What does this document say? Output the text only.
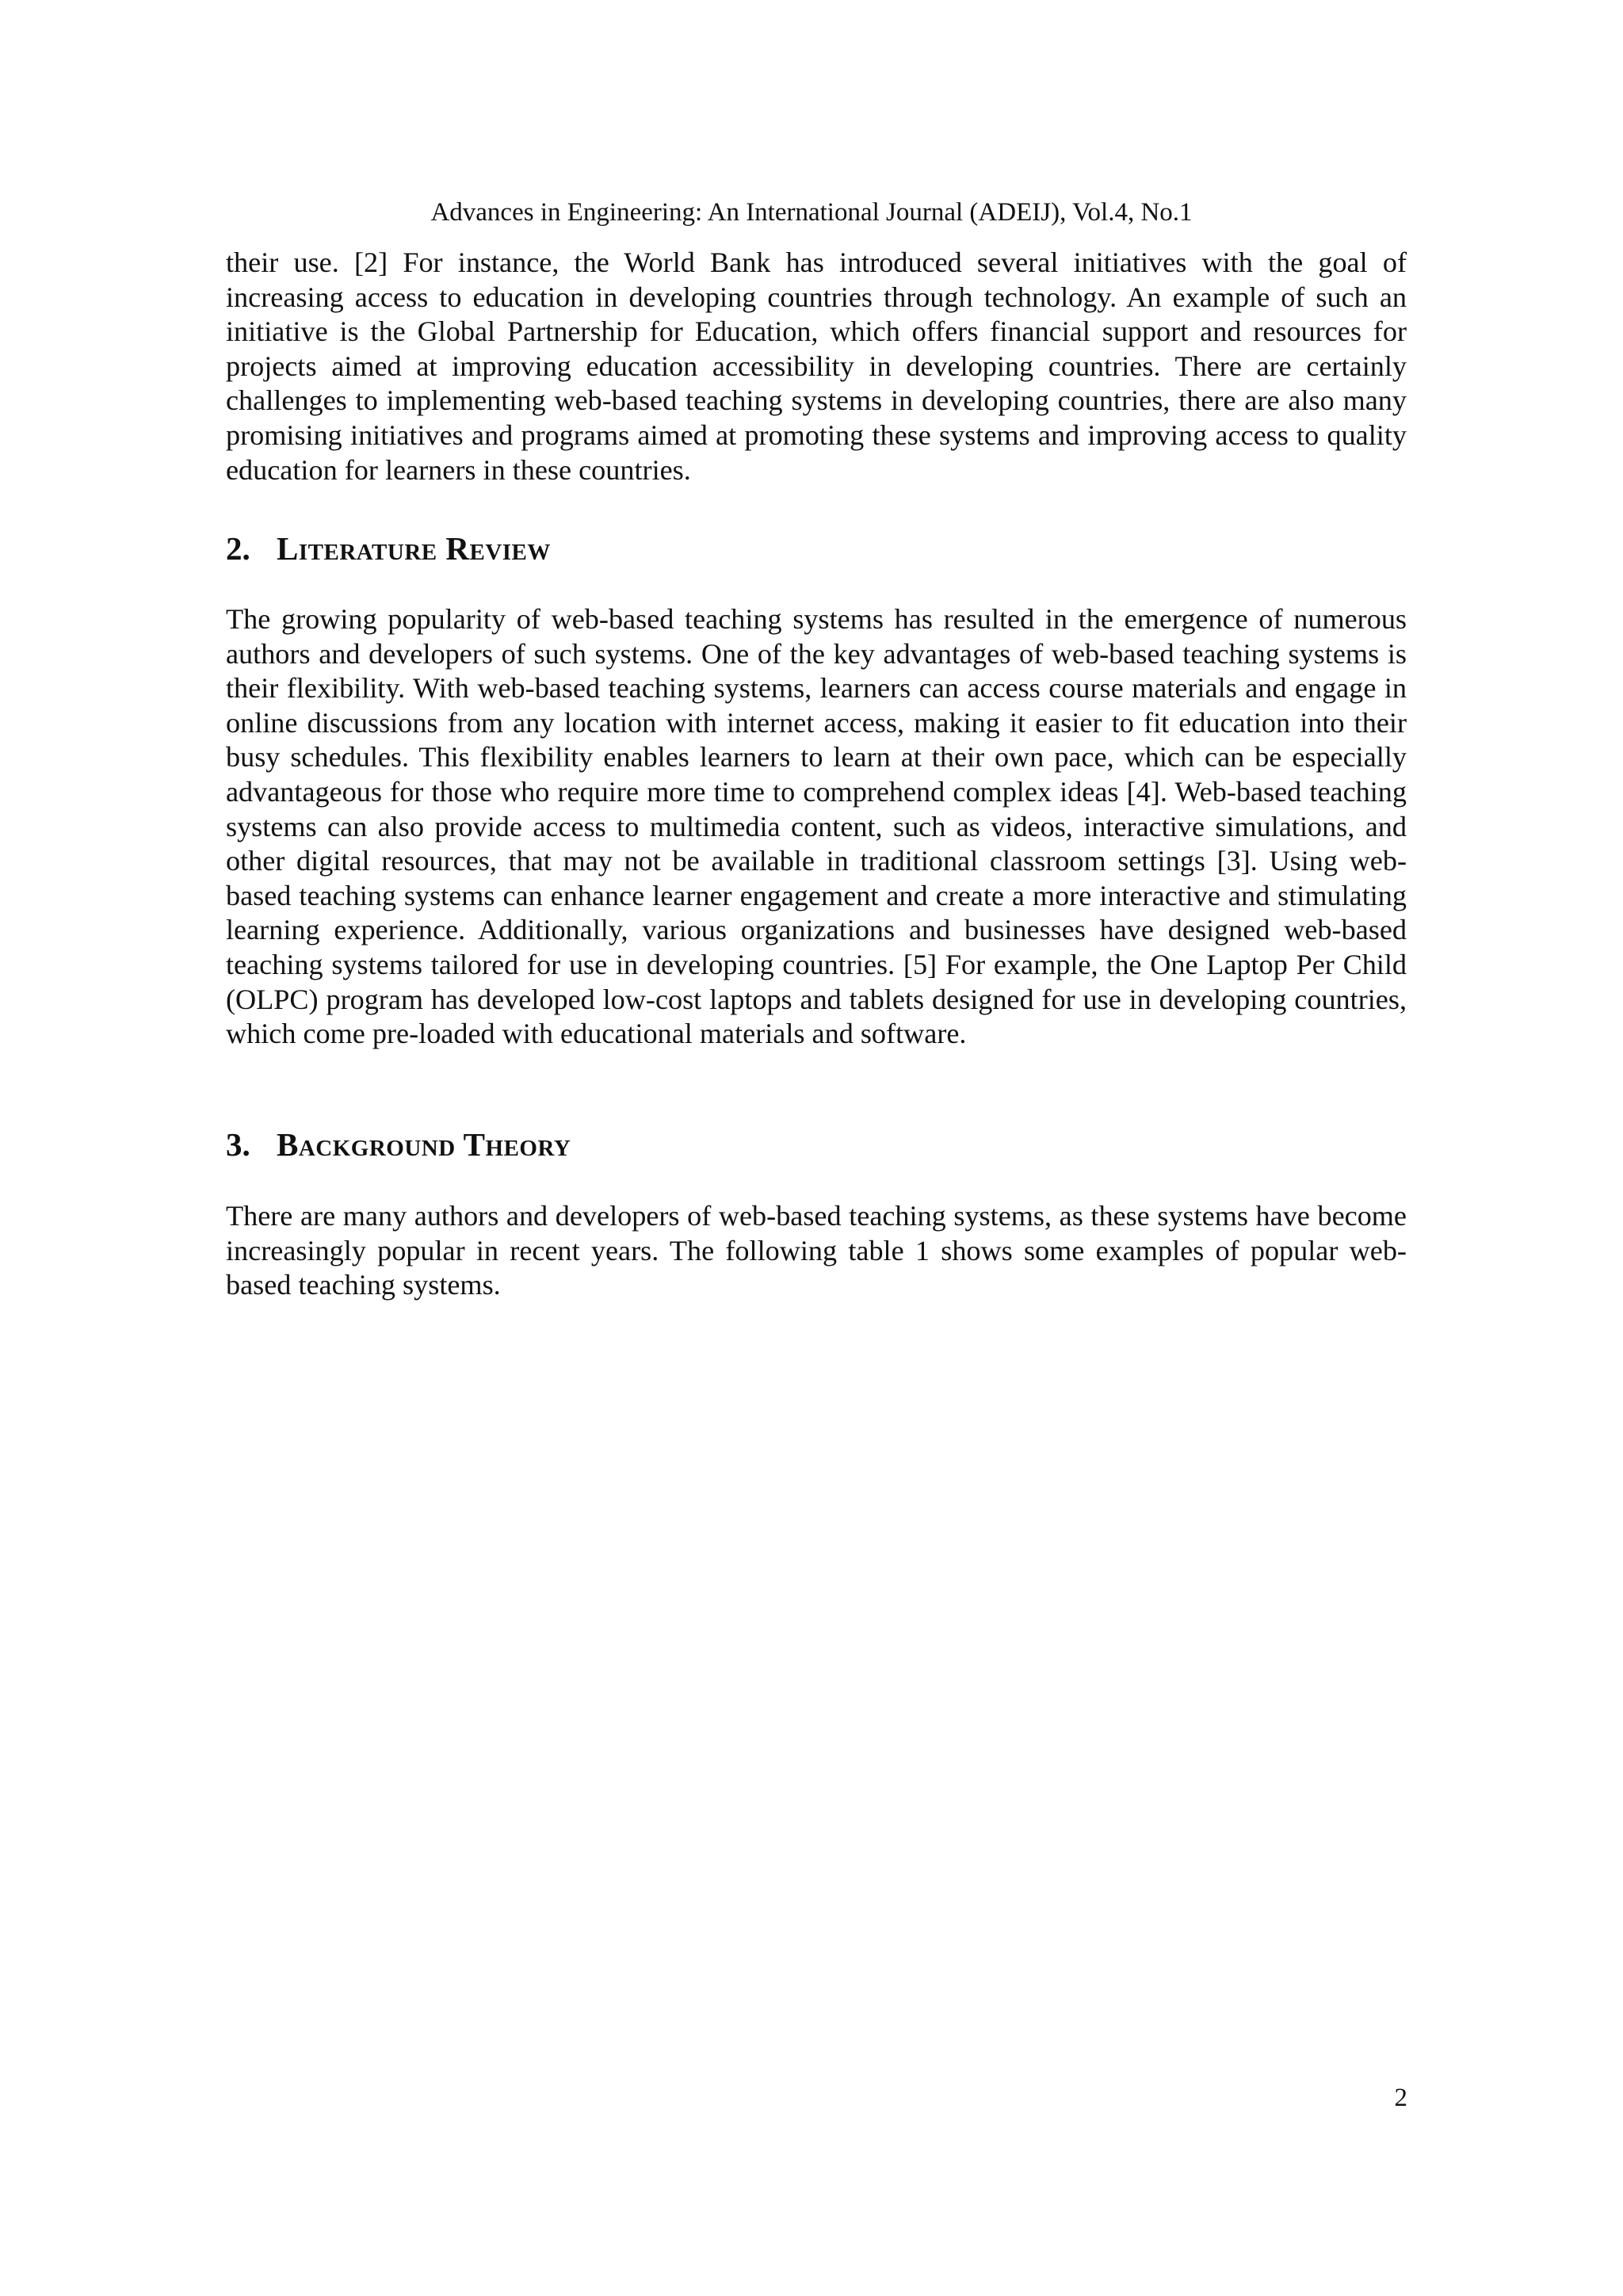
Advances in Engineering: An International Journal (ADEIJ), Vol.4, No.1

their use. [2] For instance, the World Bank has introduced several initiatives with the goal of increasing access to education in developing countries through technology. An example of such an initiative is the Global Partnership for Education, which offers financial support and resources for projects aimed at improving education accessibility in developing countries. There are certainly challenges to implementing web-based teaching systems in developing countries, there are also many promising initiatives and programs aimed at promoting these systems and improving access to quality education for learners in these countries.

2. Literature Review

The growing popularity of web-based teaching systems has resulted in the emergence of numerous authors and developers of such systems. One of the key advantages of web-based teaching systems is their flexibility. With web-based teaching systems, learners can access course materials and engage in online discussions from any location with internet access, making it easier to fit education into their busy schedules. This flexibility enables learners to learn at their own pace, which can be especially advantageous for those who require more time to comprehend complex ideas [4]. Web-based teaching systems can also provide access to multimedia content, such as videos, interactive simulations, and other digital resources, that may not be available in traditional classroom settings [3]. Using web-based teaching systems can enhance learner engagement and create a more interactive and stimulating learning experience. Additionally, various organizations and businesses have designed web-based teaching systems tailored for use in developing countries. [5] For example, the One Laptop Per Child (OLPC) program has developed low-cost laptops and tablets designed for use in developing countries, which come pre-loaded with educational materials and software.

3. Background Theory

There are many authors and developers of web-based teaching systems, as these systems have become increasingly popular in recent years. The following table 1 shows some examples of popular web-based teaching systems.

2
